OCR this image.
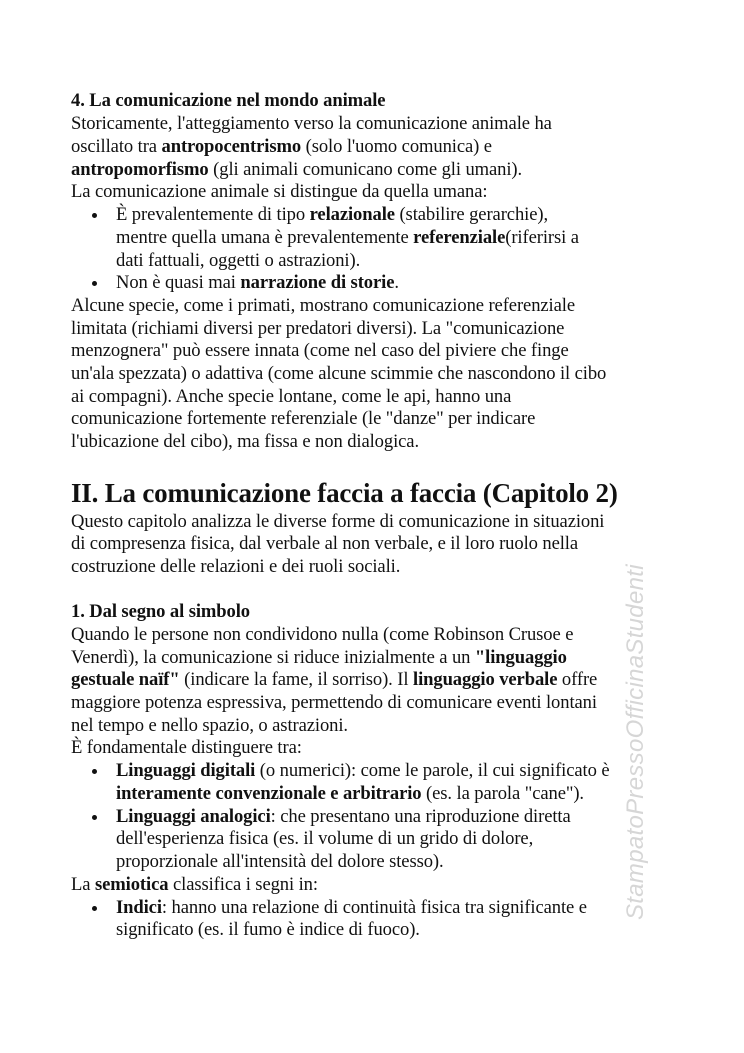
4. La comunicazione nel mondo animale
Storicamente, l'atteggiamento verso la comunicazione animale ha
oscillato tra antropocentrismo (solo l'uomo comunica) e
antropomorfismo (gli animali comunicano come gli umani).
La comunicazione animale si distingue da quella umana:
È prevalentemente di tipo relazionale (stabilire gerarchie),
mentre quella umana è prevalentemente referenziale(riferirsi a
dati fattuali, oggetti o astrazioni).
Non è quasi mai narrazione di storie.
Alcune specie, come i primati, mostrano comunicazione referenziale
limitata (richiami diversi per predatori diversi). La "comunicazione
menzognera" può essere innata (come nel caso del piviere che finge
un'ala spezzata) o adattiva (come alcune scimmie che nascondono il cibo
ai compagni). Anche specie lontane, come le api, hanno una
comunicazione fortemente referenziale (le "danze" per indicare
l'ubicazione del cibo), ma fissa e non dialogica.
II. La comunicazione faccia a faccia (Capitolo 2)
Questo capitolo analizza le diverse forme di comunicazione in situazioni
di compresenza fisica, dal verbale al non verbale, e il loro ruolo nella
costruzione delle relazioni e dei ruoli sociali.
1. Dal segno al simbolo
Quando le persone non condividono nulla (come Robinson Crusoe e
Venerdì), la comunicazione si riduce inizialmente a un "linguaggio
gestuale naïf" (indicare la fame, il sorriso). Il linguaggio verbale offre
maggiore potenza espressiva, permettendo di comunicare eventi lontani
nel tempo e nello spazio, o astrazioni.
È fondamentale distinguere tra:
Linguaggi digitali (o numerici): come le parole, il cui significato è
interamente convenzionale e arbitrario (es. la parola "cane").
Linguaggi analogici: che presentano una riproduzione diretta
dell'esperienza fisica (es. il volume di un grido di dolore,
proporzionale all'intensità del dolore stesso).
La semiotica classifica i segni in:
Indici: hanno una relazione di continuità fisica tra significante e
significato (es. il fumo è indice di fuoco).
StampatoPressoOfficinaStudenti
